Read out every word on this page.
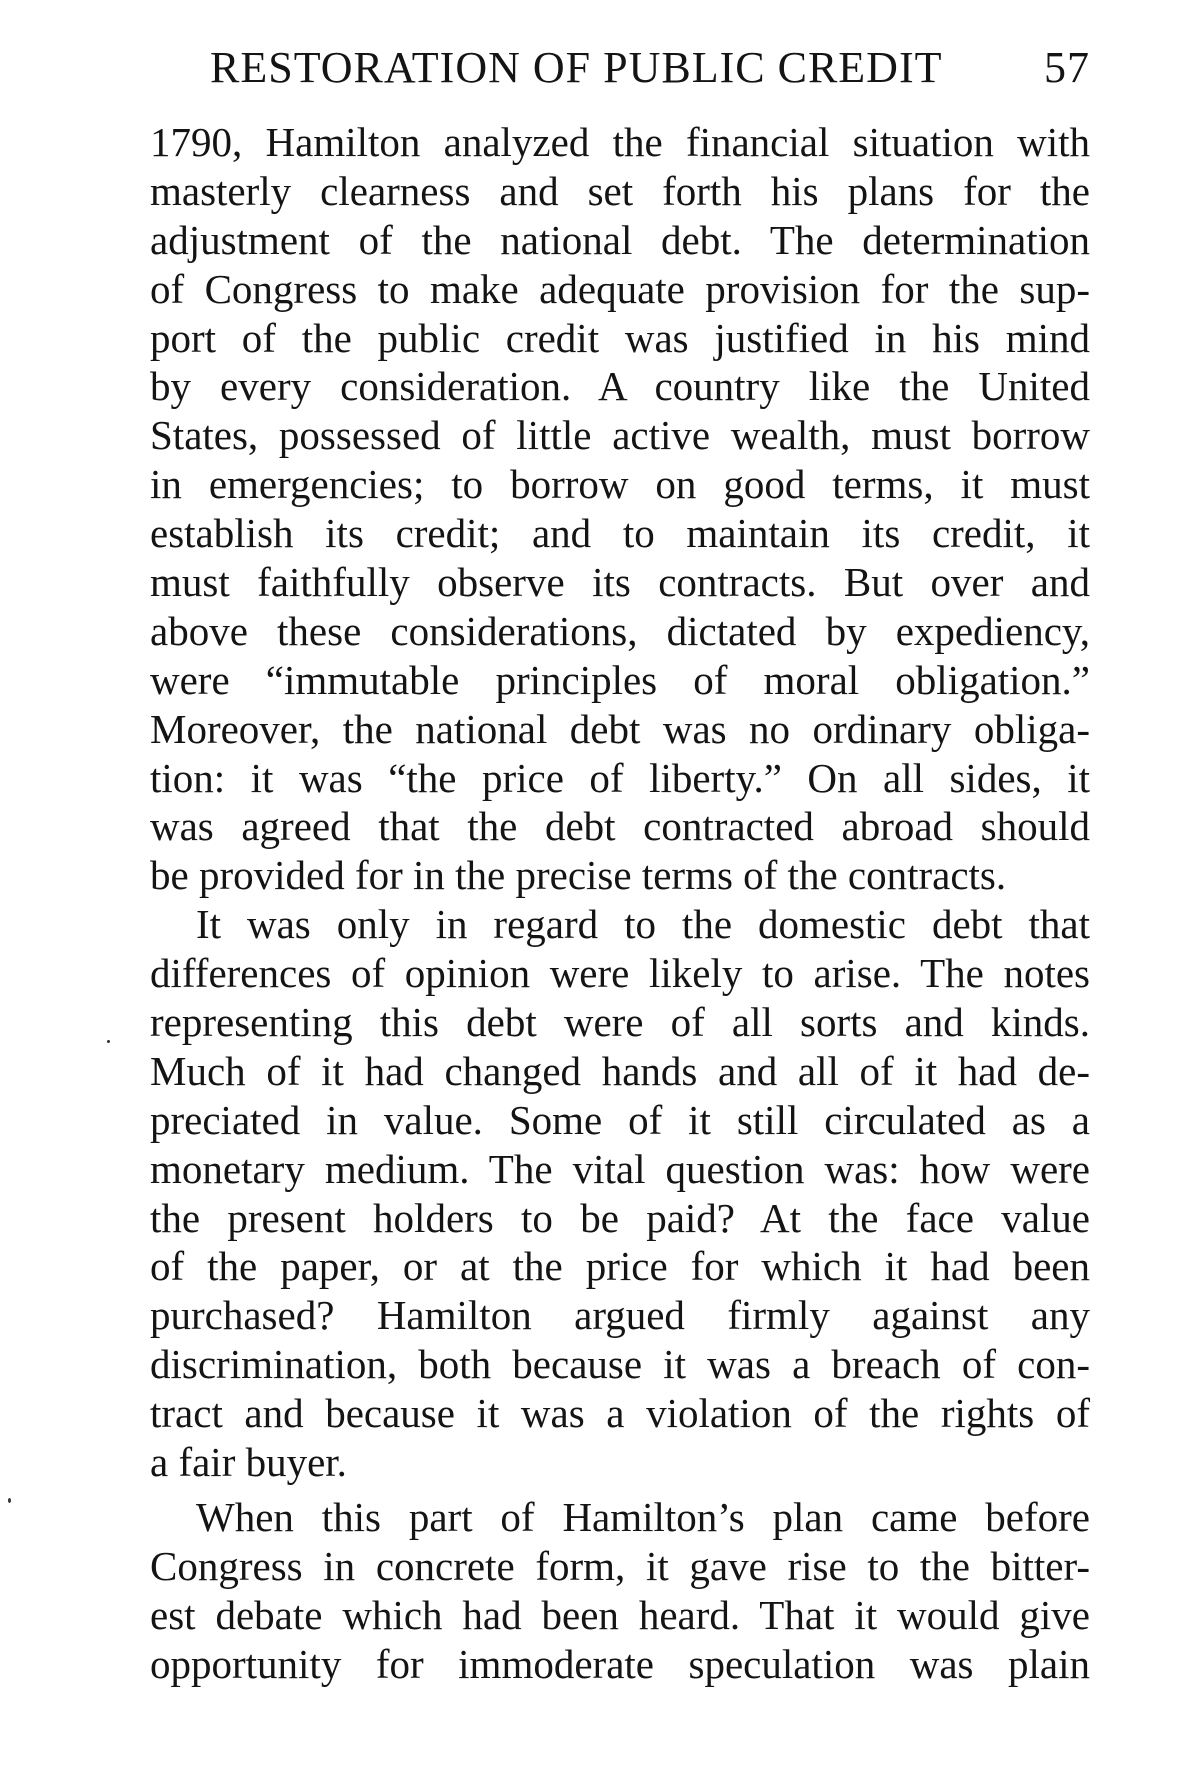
RESTORATION OF PUBLIC CREDIT 57
1790, Hamilton analyzed the financial situation with
masterly clearness and set forth his plans for the
adjustment of the national debt. The determination
of Congress to make adequate provision for the sup-
port of the public credit was justified in his mind
by every consideration. A country like the United
States, possessed of little active wealth, must borrow
in emergencies; to borrow on good terms, it must
establish its credit; and to maintain its credit, it
must faithfully observe its contracts. But over and
above these considerations, dictated by expediency,
were “immutable principles of moral obligation.”
Moreover, the national debt was no ordinary obliga-
tion: it was “the price of liberty.” On all sides, it
was agreed that the debt contracted abroad should
be provided for in the precise terms of the contracts.
It was only in regard to the domestic debt that
differences of opinion were likely to arise. The notes
representing this debt were of all sorts and kinds.
Much of it had changed hands and all of it had de-
preciated in value. Some of it still circulated as a
monetary medium. The vital question was: how were
the present holders to be paid? At the face value
of the paper, or at the price for which it had been
purchased? Hamilton argued firmly against any
discrimination, both because it was a breach of con-
tract and because it was a violation of the rights of
a fair buyer.
When this part of Hamilton’s plan came before
Congress in concrete form, it gave rise to the bitter-
est debate which had been heard. That it would give
opportunity for immoderate speculation was plain
